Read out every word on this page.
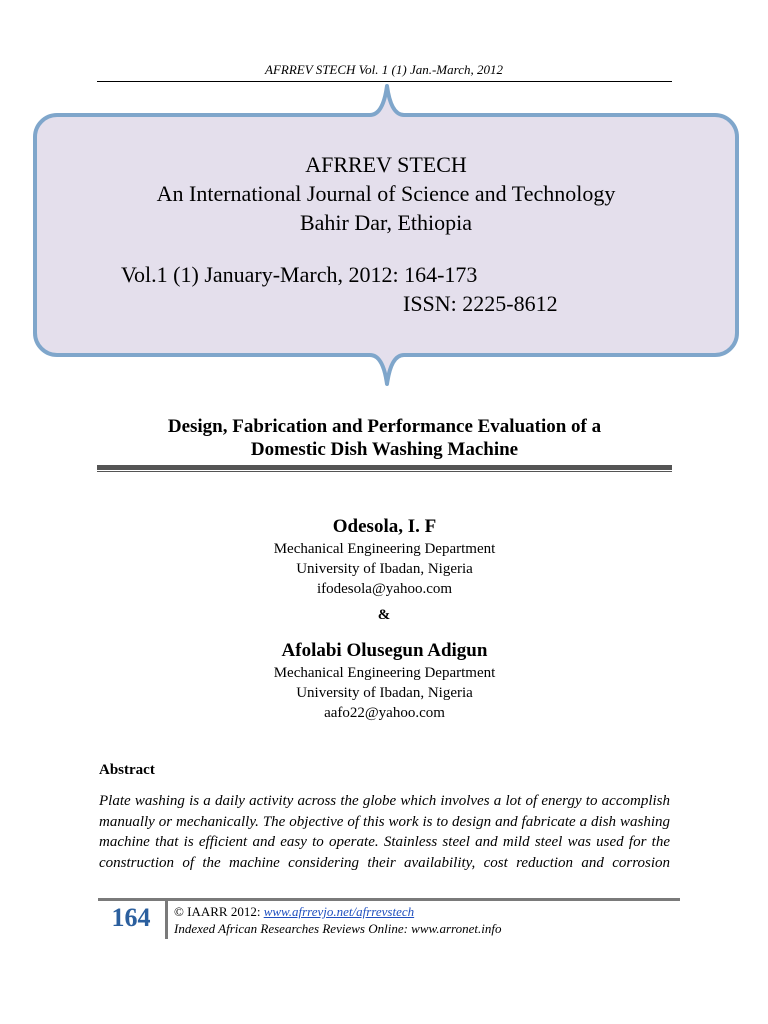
AFRREV STECH Vol. 1 (1) Jan.-March, 2012
AFRREV STECH
An International Journal of Science and Technology
Bahir Dar, Ethiopia
Vol.1 (1) January-March, 2012: 164-173
ISSN: 2225-8612
Design, Fabrication and Performance Evaluation of a
Domestic Dish Washing Machine
Odesola, I. F
Mechanical Engineering Department
University of Ibadan, Nigeria
ifodesola@yahoo.com
&
Afolabi Olusegun Adigun
Mechanical Engineering Department
University of Ibadan, Nigeria
aafo22@yahoo.com
Abstract
Plate washing is a daily activity across the globe which involves a lot of energy to accomplish manually or mechanically. The objective of this work is to design and fabricate a dish washing machine that is efficient and easy to operate. Stainless steel and mild steel was used for the construction of the machine considering their availability, cost reduction and corrosion
164	© IAARR 2012: www.afrrevjo.net/afrrevstech
Indexed African Researches Reviews Online: www.arronet.info
